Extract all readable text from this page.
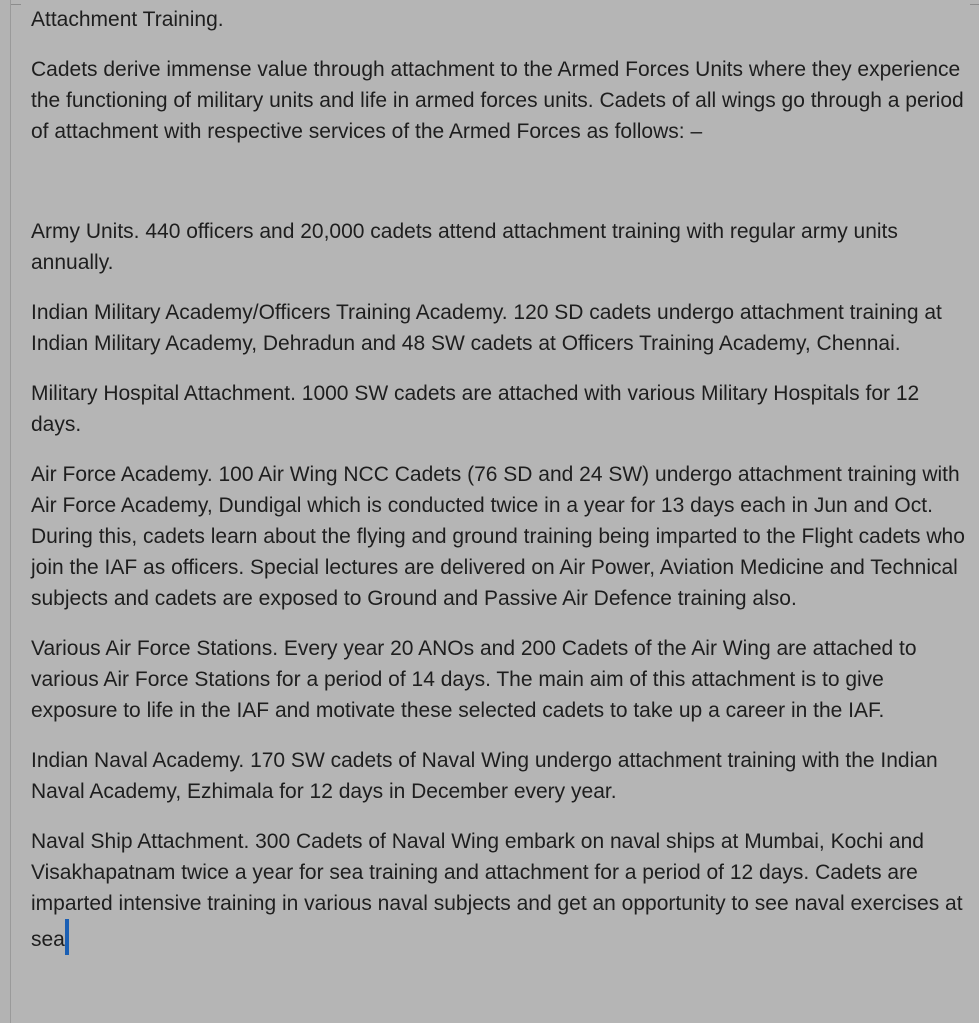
Attachment Training.

Cadets derive immense value through attachment to the Armed Forces Units where they experience the functioning of military units and life in armed forces units. Cadets of all wings go through a period of attachment with respective services of the Armed Forces as follows: –

Army Units. 440 officers and 20,000 cadets attend attachment training with regular army units annually.

Indian Military Academy/Officers Training Academy. 120 SD cadets undergo attachment training at Indian Military Academy, Dehradun and 48 SW cadets at Officers Training Academy, Chennai.

Military Hospital Attachment. 1000 SW cadets are attached with various Military Hospitals for 12 days.

Air Force Academy. 100 Air Wing NCC Cadets (76 SD and 24 SW) undergo attachment training with Air Force Academy, Dundigal which is conducted twice in a year for 13 days each in Jun and Oct. During this, cadets learn about the flying and ground training being imparted to the Flight cadets who join the IAF as officers. Special lectures are delivered on Air Power, Aviation Medicine and Technical subjects and cadets are exposed to Ground and Passive Air Defence training also.

Various Air Force Stations. Every year 20 ANOs and 200 Cadets of the Air Wing are attached to various Air Force Stations for a period of 14 days. The main aim of this attachment is to give exposure to life in the IAF and motivate these selected cadets to take up a career in the IAF.

Indian Naval Academy. 170 SW cadets of Naval Wing undergo attachment training with the Indian Naval Academy, Ezhimala for 12 days in December every year.

Naval Ship Attachment. 300 Cadets of Naval Wing embark on naval ships at Mumbai, Kochi and Visakhapatnam twice a year for sea training and attachment for a period of 12 days. Cadets are imparted intensive training in various naval subjects and get an opportunity to see naval exercises at sea
